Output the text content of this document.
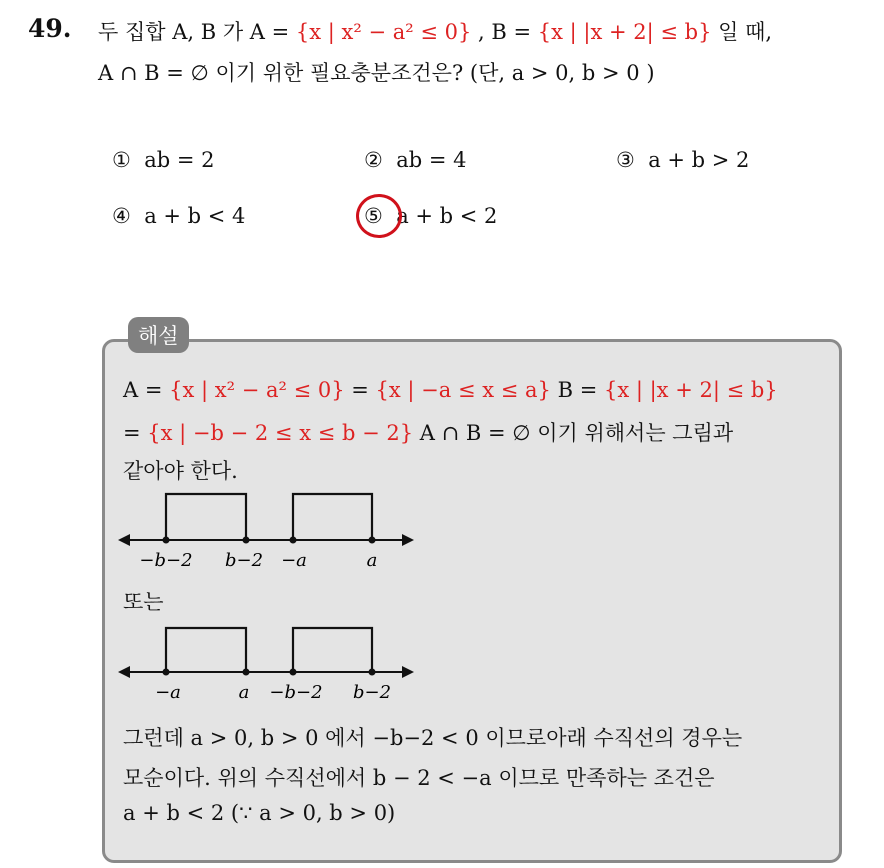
49. 두 집합 A, B 가 A = {x | x² − a² ≤ 0} , B = {x | |x + 2| ≤ b} 일 때,
A ∩ B = ∅ 이기 위한 필요충분조건은? (단, a > 0, b > 0 )
① ab = 2	② ab = 4	③ a + b > 2
④ a + b < 4	⑤ a + b < 2
해설
A = {x | x² − a² ≤ 0} = {x | −a ≤ x ≤ a} B = {x | |x + 2| ≤ b}
= {x | −b − 2 ≤ x ≤ b − 2} A ∩ B = ∅ 이기 위해서는 그림과
같아야 한다.
−b−2 b−2 −a	a
또는
−a	a −b−2 b−2
그런데 a > 0, b > 0 에서 −b−2 < 0 이므로아래 수직선의 경우는
모순이다. 위의 수직선에서 b − 2 < −a 이므로 만족하는 조건은
a + b < 2 (∵ a > 0, b > 0)
